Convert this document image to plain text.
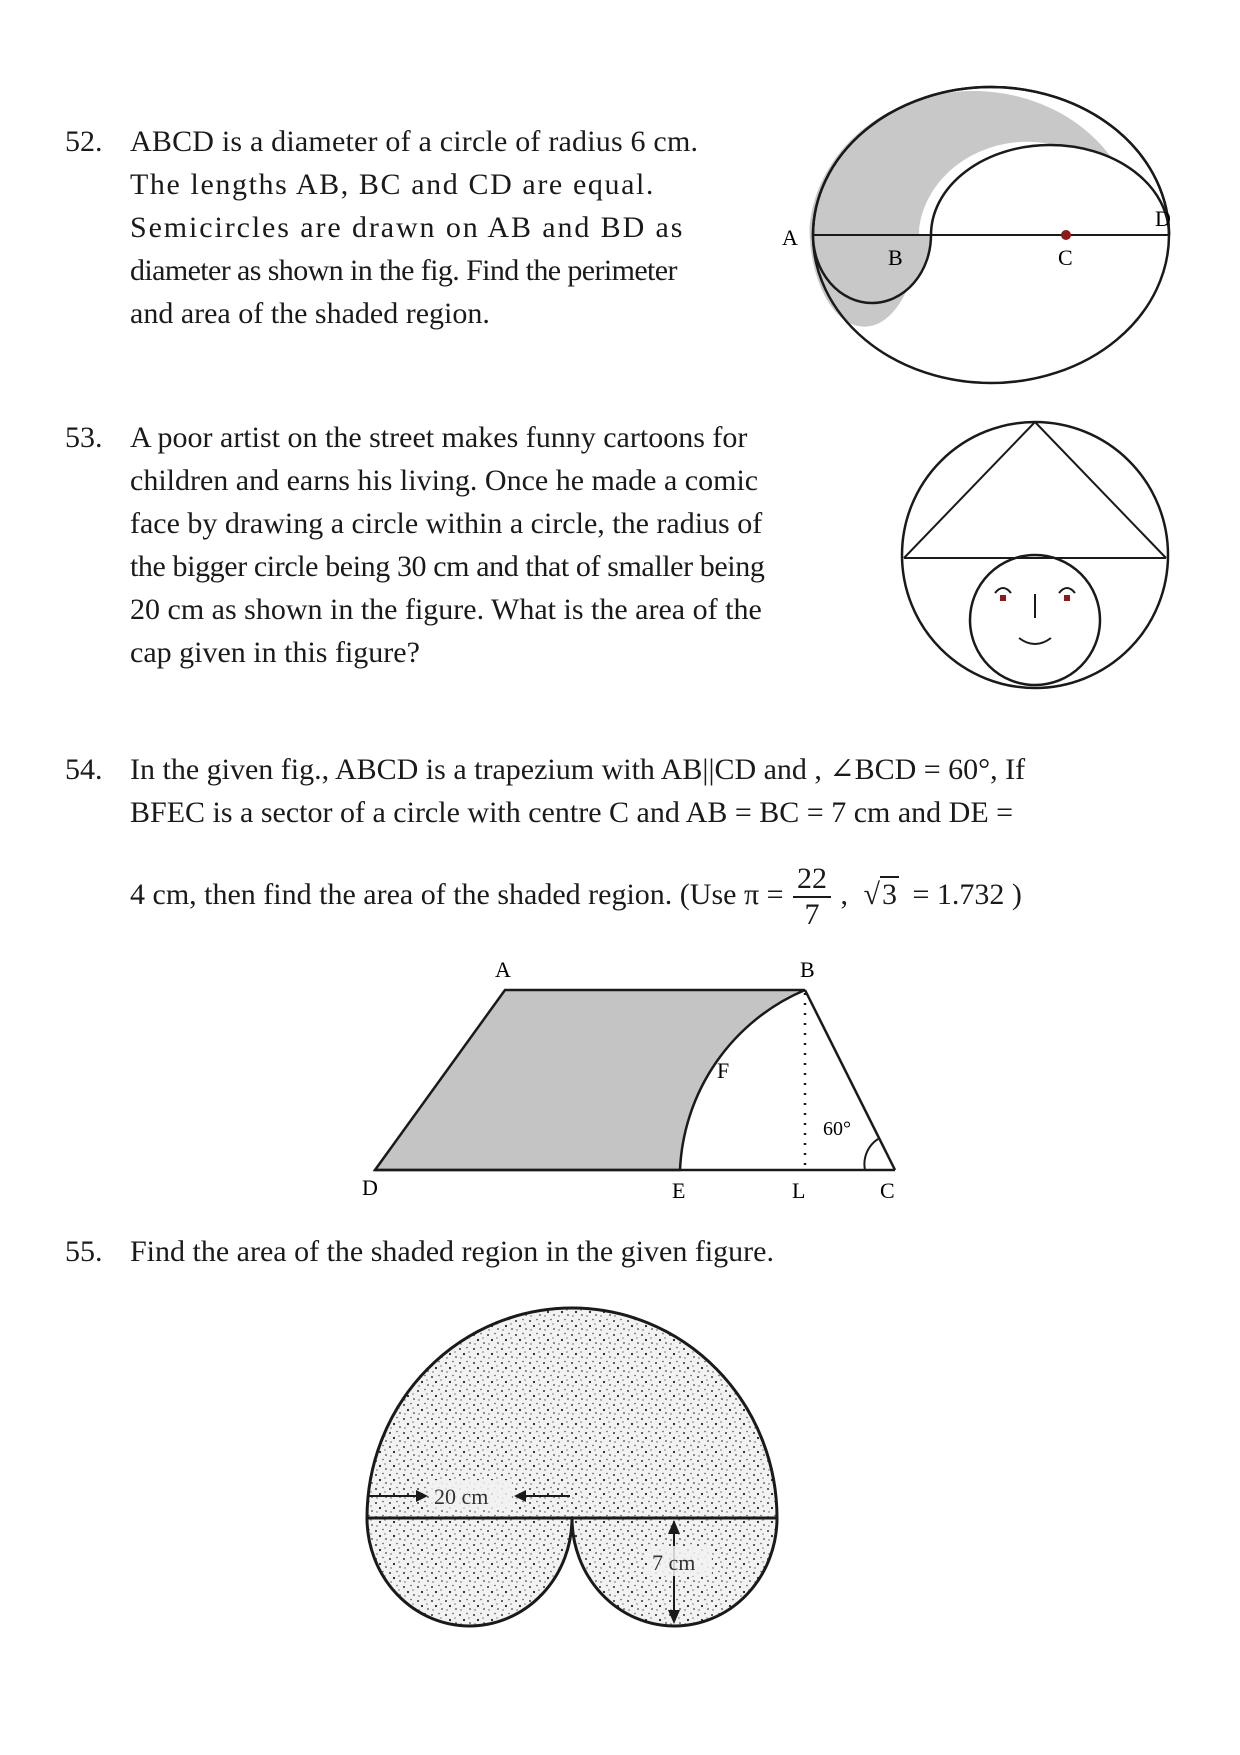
52. ABCD is a diameter of a circle of radius 6 cm.
The lengths AB, BC and CD are equal.
Semicircles are drawn on AB and BD as
diameter as shown in the fig. Find the perimeter
and area of the shaded region.
A
B	C
D
53. A poor artist on the street makes funny cartoons for
children and earns his living. Once he made a comic
face by drawing a circle within a circle, the radius of
the bigger circle being 30 cm and that of smaller being
20 cm as shown in the figure. What is the area of the
cap given in this figure?
54. In the given fig., ABCD is a trapezium with AB||CD and , ∠BCD = 60°, If
BFEC is a sector of a circle with centre C and AB = BC = 7 cm and DE =
4 cm, then find the area of the shaded region. (Use $\pi = \frac{22}{7}$ , √3 = 1.732 )
A	B
F
60°
D	E	L	C
55. Find the area of the shaded region in the given figure.
20 cm
7 cm
